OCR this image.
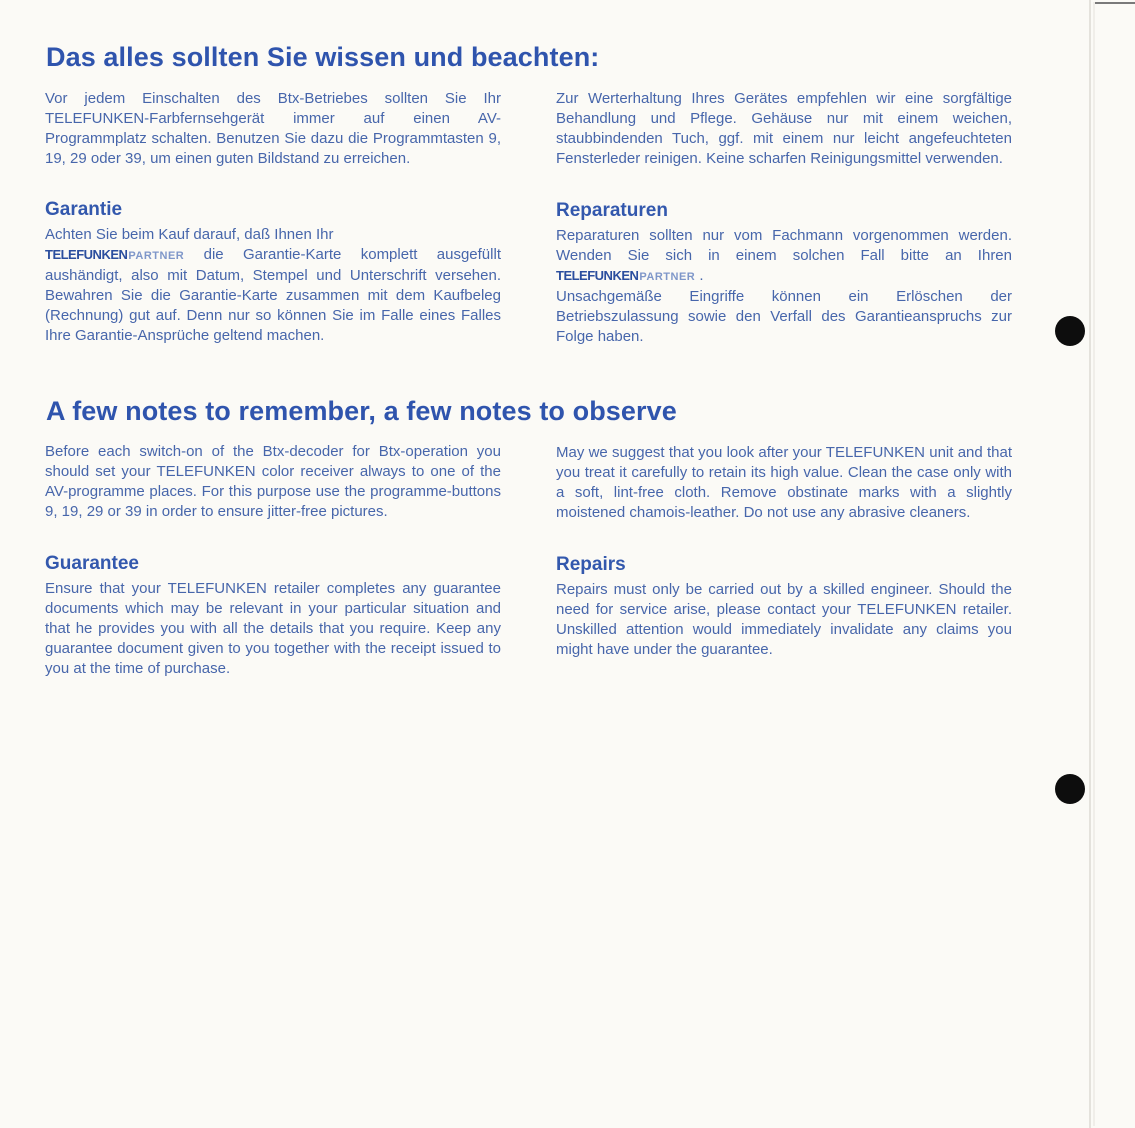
Das alles sollten Sie wissen und beachten:

Vor jedem Einschalten des Btx-Betriebes sollten Sie Ihr TELEFUNKEN-Farbfernsehgerät immer auf einen AV-Programmplatz schalten. Benutzen Sie dazu die Programmtasten 9, 19, 29 oder 39, um einen guten Bildstand zu erreichen.

Zur Werterhaltung Ihres Gerätes empfehlen wir eine sorgfältige Behandlung und Pflege. Gehäuse nur mit einem weichen, staubbindenden Tuch, ggf. mit einem nur leicht angefeuchteten Fensterleder reinigen. Keine scharfen Reinigungsmittel verwenden.

Garantie

Achten Sie beim Kauf darauf, daß Ihnen Ihr
TELEFUNKENPARTNER die Garantie-Karte komplett ausgefüllt aushändigt, also mit Datum, Stempel und Unterschrift versehen. Bewahren Sie die Garantie-Karte zusammen mit dem Kaufbeleg (Rechnung) gut auf. Denn nur so können Sie im Falle eines Falles Ihre Garantie-Ansprüche geltend machen.

Reparaturen

Reparaturen sollten nur vom Fachmann vorgenommen werden. Wenden Sie sich in einem solchen Fall bitte an Ihren TELEFUNKENPARTNER .

Unsachgemäße Eingriffe können ein Erlöschen der Betriebszulassung sowie den Verfall des Garantieanspruchs zur Folge haben.

A few notes to remember, a few notes to observe

Before each switch-on of the Btx-decoder for Btx-operation you should set your TELEFUNKEN color receiver always to one of the AV-programme places. For this purpose use the programme-buttons 9, 19, 29 or 39 in order to ensure jitter-free pictures.

May we suggest that you look after your TELEFUNKEN unit and that you treat it carefully to retain its high value. Clean the case only with a soft, lint-free cloth. Remove obstinate marks with a slightly moistened chamois-leather. Do not use any abrasive cleaners.

Guarantee

Ensure that your TELEFUNKEN retailer completes any guarantee documents which may be relevant in your particular situation and that he provides you with all the details that you require. Keep any guarantee document given to you together with the receipt issued to you at the time of purchase.

Repairs

Repairs must only be carried out by a skilled engineer. Should the need for service arise, please contact your TELEFUNKEN retailer. Unskilled attention would immediately invalidate any claims you might have under the guarantee.
